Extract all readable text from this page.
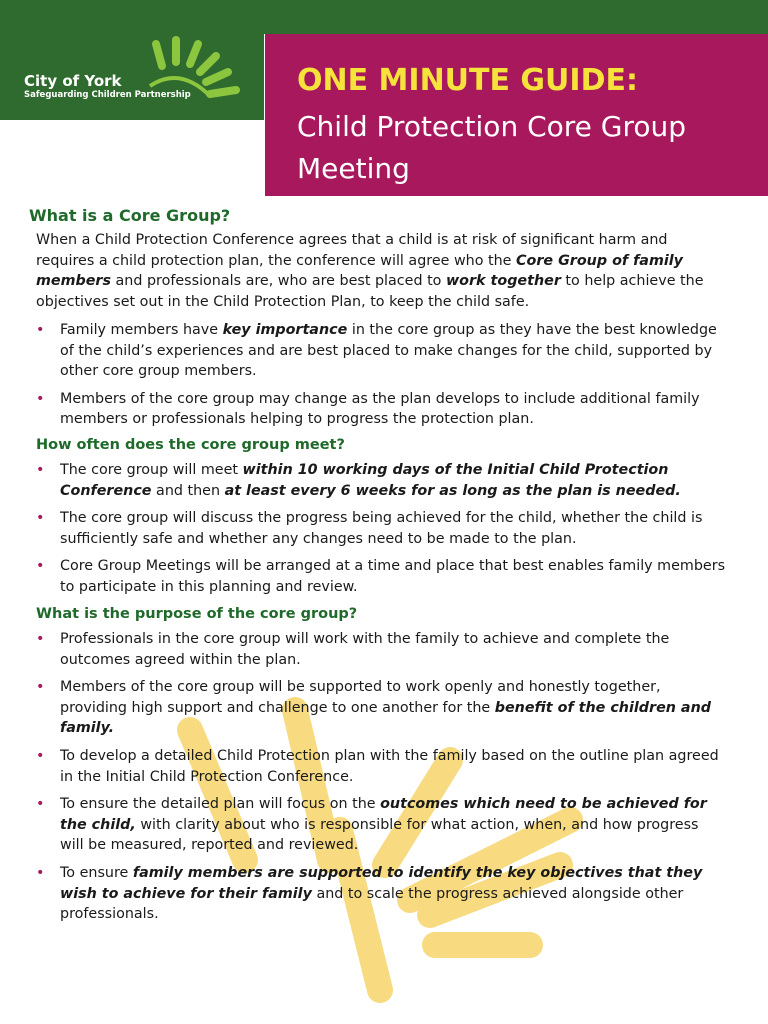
City of York
Safeguarding Children Partnership	ONE MINUTE GUIDE:
Child Protection Core Group Meeting
What is a Core Group?

When a Child Protection Conference agrees that a child is at risk of significant harm and requires a child protection plan, the conference will agree who the Core Group of family members and professionals are, who are best placed to work together to help achieve the objectives set out in the Child Protection Plan, to keep the child safe.

• Family members have key importance in the core group as they have the best knowledge of the child’s experiences and are best placed to make changes for the child, supported by other core group members.
• Members of the core group may change as the plan develops to include additional family members or professionals helping to progress the protection plan.
How often does the core group meet?
• The core group will meet within 10 working days of the Initial Child Protection Conference and then at least every 6 weeks for as long as the plan is needed.
• The core group will discuss the progress being achieved for the child, whether the child is sufficiently safe and whether any changes need to be made to the plan.
• Core Group Meetings will be arranged at a time and place that best enables family members to participate in this planning and review.
What is the purpose of the core group?
• Professionals in the core group will work with the family to achieve and complete the outcomes agreed within the plan.
• Members of the core group will be supported to work openly and honestly together, providing high support and challenge to one another for the benefit of the children and family.
• To develop a detailed Child Protection plan with the family based on the outline plan agreed in the Initial Child Protection Conference.
• To ensure the detailed plan will focus on the outcomes which need to be achieved for the child, with clarity about who is responsible for what action, when, and how progress will be measured, reported and reviewed.
• To ensure family members are supported to identify the key objectives that they wish to achieve for their family and to scale the progress achieved alongside other professionals.
